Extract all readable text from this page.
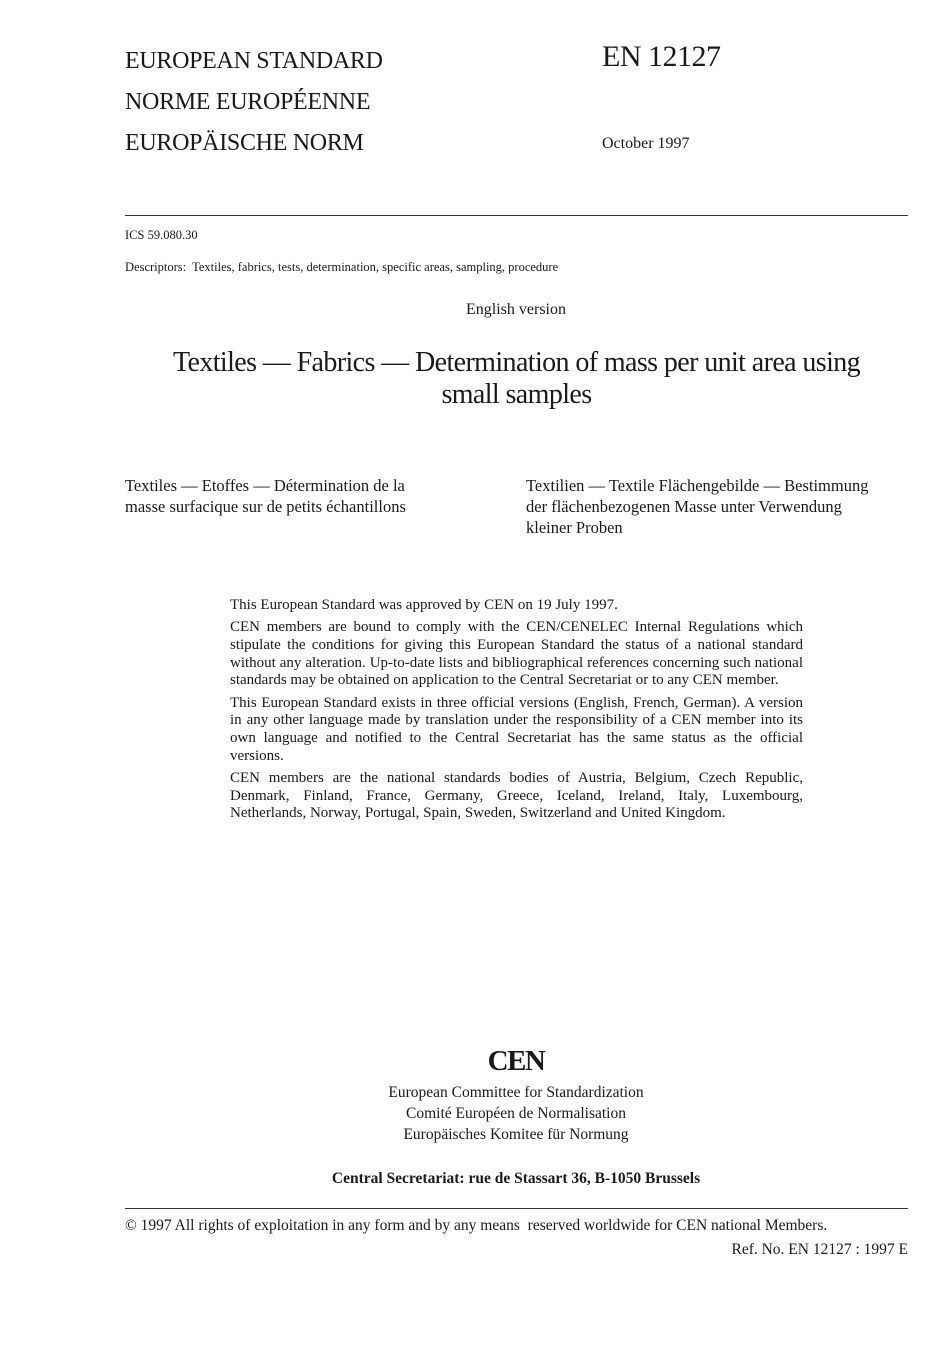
EUROPEAN STANDARD
NORME EUROPÉENNE
EUROPÄISCHE NORM
EN 12127
October 1997
ICS 59.080.30
Descriptors:  Textiles, fabrics, tests, determination, specific areas, sampling, procedure
English version
Textiles — Fabrics — Determination of mass per unit area using
small samples
Textiles — Etoffes — Détermination de la
masse surfacique sur de petits échantillons
Textilien — Textile Flächengebilde — Bestimmung
der flächenbezogenen Masse unter Verwendung
kleiner Proben

This European Standard was approved by CEN on 19 July 1997.

CEN members are bound to comply with the CEN/CENELEC Internal Regulations which stipulate the conditions for giving this European Standard the status of a national standard without any alteration. Up-to-date lists and bibliographical references concerning such national standards may be obtained on application to the Central Secretariat or to any CEN member.

This European Standard exists in three official versions (English, French, German). A version in any other language made by translation under the responsibility of a CEN member into its own language and notified to the Central Secretariat has the same status as the official versions.

CEN members are the national standards bodies of Austria, Belgium, Czech Republic, Denmark, Finland, France, Germany, Greece, Iceland, Ireland, Italy, Luxembourg, Netherlands, Norway, Portugal, Spain, Sweden, Switzerland and United Kingdom.

CEN
European Committee for Standardization
Comité Européen de Normalisation
Europäisches Komitee für Normung
Central Secretariat: rue de Stassart 36, B-1050 Brussels
© 1997 All rights of exploitation in any form and by any means  reserved worldwide for CEN national Members.
Ref. No. EN 12127 : 1997 E
